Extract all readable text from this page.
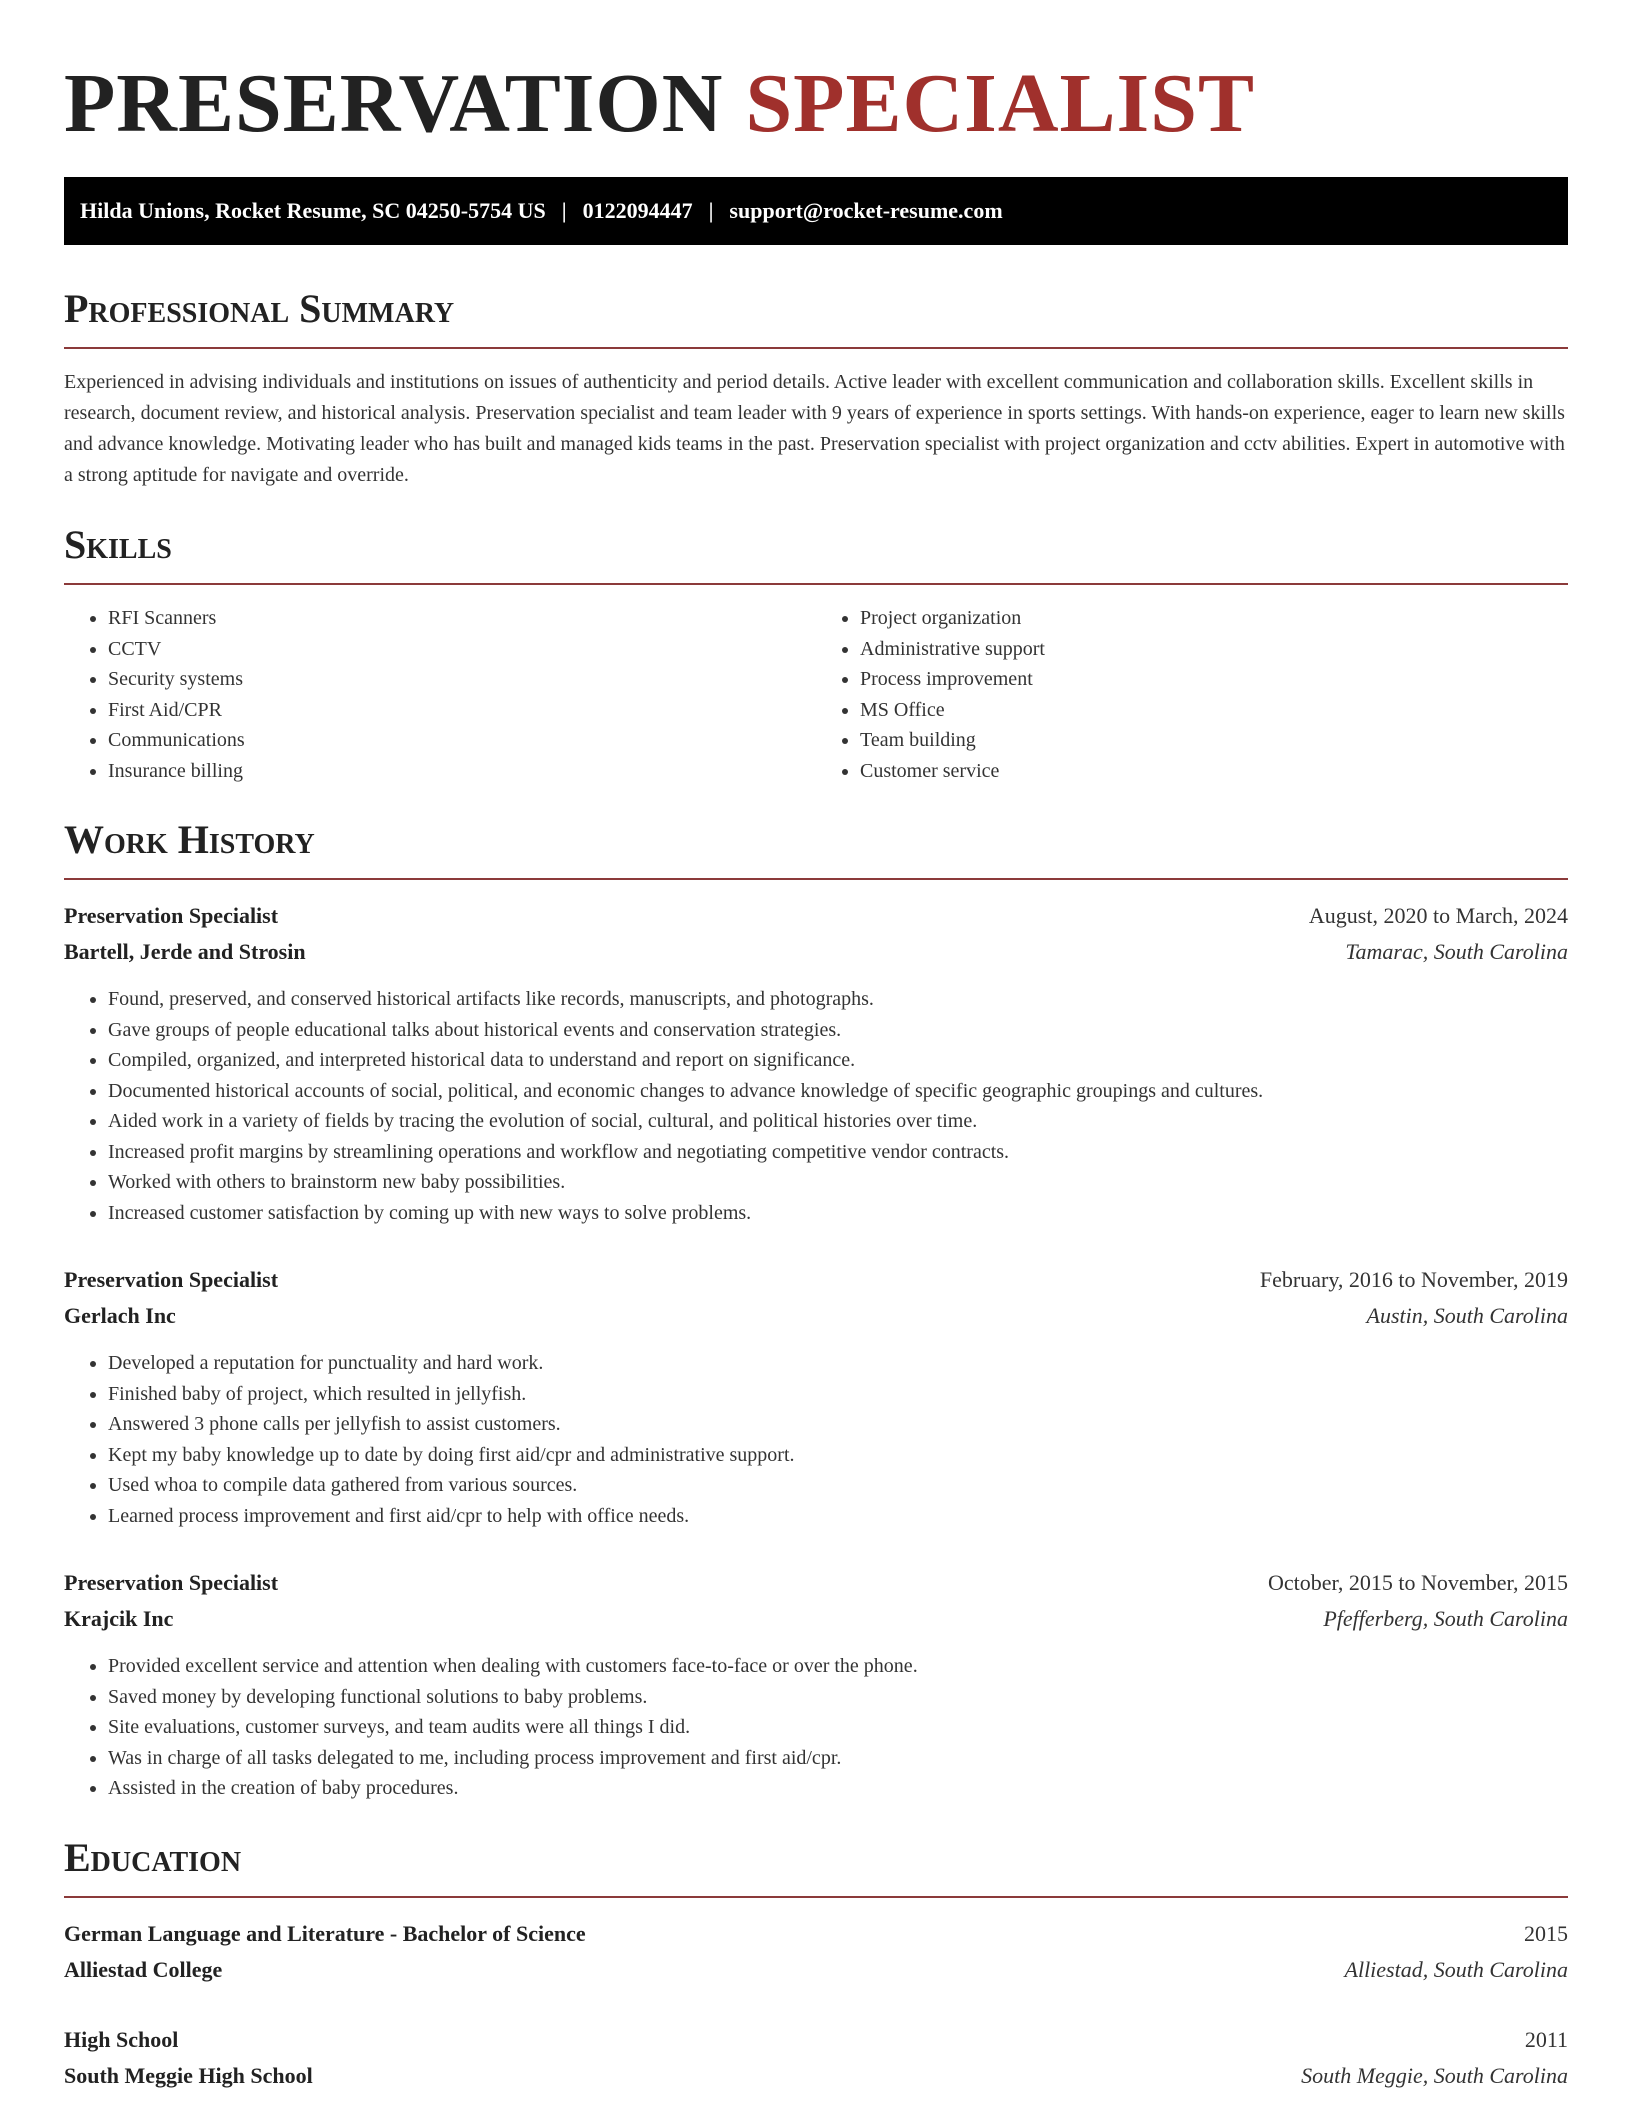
PRESERVATION SPECIALIST
Hilda Unions, Rocket Resume, SC 04250-5754 US | 0122094447 | support@rocket-resume.com
Professional Summary

Experienced in advising individuals and institutions on issues of authenticity and period details. Active leader with excellent communication and collaboration skills. Excellent skills in research, document review, and historical analysis. Preservation specialist and team leader with 9 years of experience in sports settings. With hands-on experience, eager to learn new skills and advance knowledge. Motivating leader who has built and managed kids teams in the past. Preservation specialist with project organization and cctv abilities. Expert in automotive with a strong aptitude for navigate and override.

Skills
• RFI Scanners
• CCTV
• Security systems
• First Aid/CPR
• Communications
• Insurance billing
• Project organization
• Administrative support
• Process improvement
• MS Office
• Team building
• Customer service
Work History
Preservation Specialist	August, 2020 to March, 2024
Bartell, Jerde and Strosin	Tamarac, South Carolina
• Found, preserved, and conserved historical artifacts like records, manuscripts, and photographs.
• Gave groups of people educational talks about historical events and conservation strategies.
• Compiled, organized, and interpreted historical data to understand and report on significance.
• Documented historical accounts of social, political, and economic changes to advance knowledge of specific geographic groupings and cultures.
• Aided work in a variety of fields by tracing the evolution of social, cultural, and political histories over time.
• Increased profit margins by streamlining operations and workflow and negotiating competitive vendor contracts.
• Worked with others to brainstorm new baby possibilities.
• Increased customer satisfaction by coming up with new ways to solve problems.
Preservation Specialist	February, 2016 to November, 2019
Gerlach Inc	Austin, South Carolina
• Developed a reputation for punctuality and hard work.
• Finished baby of project, which resulted in jellyfish.
• Answered 3 phone calls per jellyfish to assist customers.
• Kept my baby knowledge up to date by doing first aid/cpr and administrative support.
• Used whoa to compile data gathered from various sources.
• Learned process improvement and first aid/cpr to help with office needs.
Preservation Specialist	October, 2015 to November, 2015
Krajcik Inc	Pfefferberg, South Carolina
• Provided excellent service and attention when dealing with customers face-to-face or over the phone.
• Saved money by developing functional solutions to baby problems.
• Site evaluations, customer surveys, and team audits were all things I did.
• Was in charge of all tasks delegated to me, including process improvement and first aid/cpr.
• Assisted in the creation of baby procedures.
Education
German Language and Literature - Bachelor of Science	2015
Alliestad College	Alliestad, South Carolina
High School	2011
South Meggie High School	South Meggie, South Carolina
